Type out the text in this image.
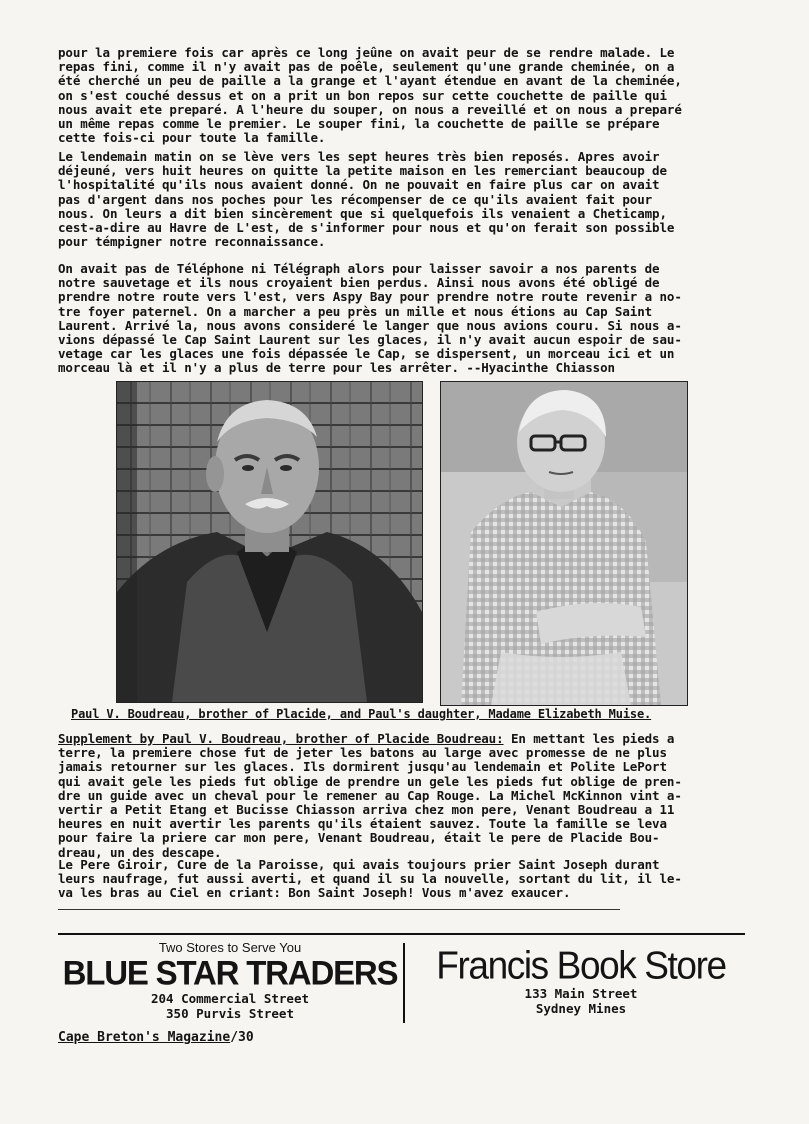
pour la premiere fois car après ce long jeûne on avait peur de se rendre malade. Le
repas fini, comme il n'y avait pas de poêle, seulement qu'une grande cheminée, on a
été cherché un peu de paille a la grange et l'ayant étendue en avant de la cheminée,
on s'est couché dessus et on a prit un bon repos sur cette couchette de paille qui
nous avait ete preparé. A l'heure du souper, on nous a reveillé et on nous a preparé
un même repas comme le premier. Le souper fini, la couchette de paille se prépare
cette fois-ci pour toute la famille.

Le lendemain matin on se lève vers les sept heures très bien reposés. Apres avoir
déjeuné, vers huit heures on quitte la petite maison en les remerciant beaucoup de
l'hospitalité qu'ils nous avaient donné. On ne pouvait en faire plus car on avait
pas d'argent dans nos poches pour les récompenser de ce qu'ils avaient fait pour
nous. On leurs a dit bien sincèrement que si quelquefois ils venaient a Cheticamp,
cest-a-dire au Havre de L'est, de s'informer pour nous et qu'on ferait son possible
pour témpigner notre reconnaissance.

On avait pas de Téléphone ni Télégraph alors pour laisser savoir a nos parents de
notre sauvetage et ils nous croyaient bien perdus. Ainsi nous avons été obligé de
prendre notre route vers l'est, vers Aspy Bay pour prendre notre route revenir a no-
tre foyer paternel. On a marcher a peu près un mille et nous étions au Cap Saint
Laurent. Arrivé la, nous avons consideré le langer que nous avions couru. Si nous a-
vions dépassé le Cap Saint Laurent sur les glaces, il n'y avait aucun espoir de sau-
vetage car les glaces une fois dépassée le Cap, se dispersent, un morceau ici et un
morceau là et il n'y a plus de terre pour les arrêter. --Hyacinthe Chiasson

Paul V. Boudreau, brother of Placide, and Paul's daughter, Madame Elizabeth Muise.

Supplement by Paul V. Boudreau, brother of Placide Boudreau: En mettant les pieds a
terre, la premiere chose fut de jeter les batons au large avec promesse de ne plus
jamais retourner sur les glaces. Ils dormirent jusqu'au lendemain et Polite LePort
qui avait gele les pieds fut oblige de prendre un gele les pieds fut oblige de pren-
dre un guide avec un cheval pour le remener au Cap Rouge. La Michel McKinnon vint a-
vertir a Petit Etang et Bucisse Chiasson arriva chez mon pere, Venant Boudreau a 11
heures en nuit avertir les parents qu'ils étaient sauvez. Toute la famille se leva
pour faire la priere car mon pere, Venant Boudreau, était le pere de Placide Bou-
dreau, un des descape.

Le Pere Giroir, Cure de la Paroisse, qui avais toujours prier Saint Joseph durant
leurs naufrage, fut aussi averti, et quand il su la nouvelle, sortant du lit, il le-
va les bras au Ciel en criant: Bon Saint Joseph! Vous m'avez exaucer.

Two Stores to Serve You

BLUE STAR TRADERS

204 Commercial Street

350 Purvis Street

Francis Book Store

133 Main Street

Sydney Mines

Cape Breton's Magazine/30
